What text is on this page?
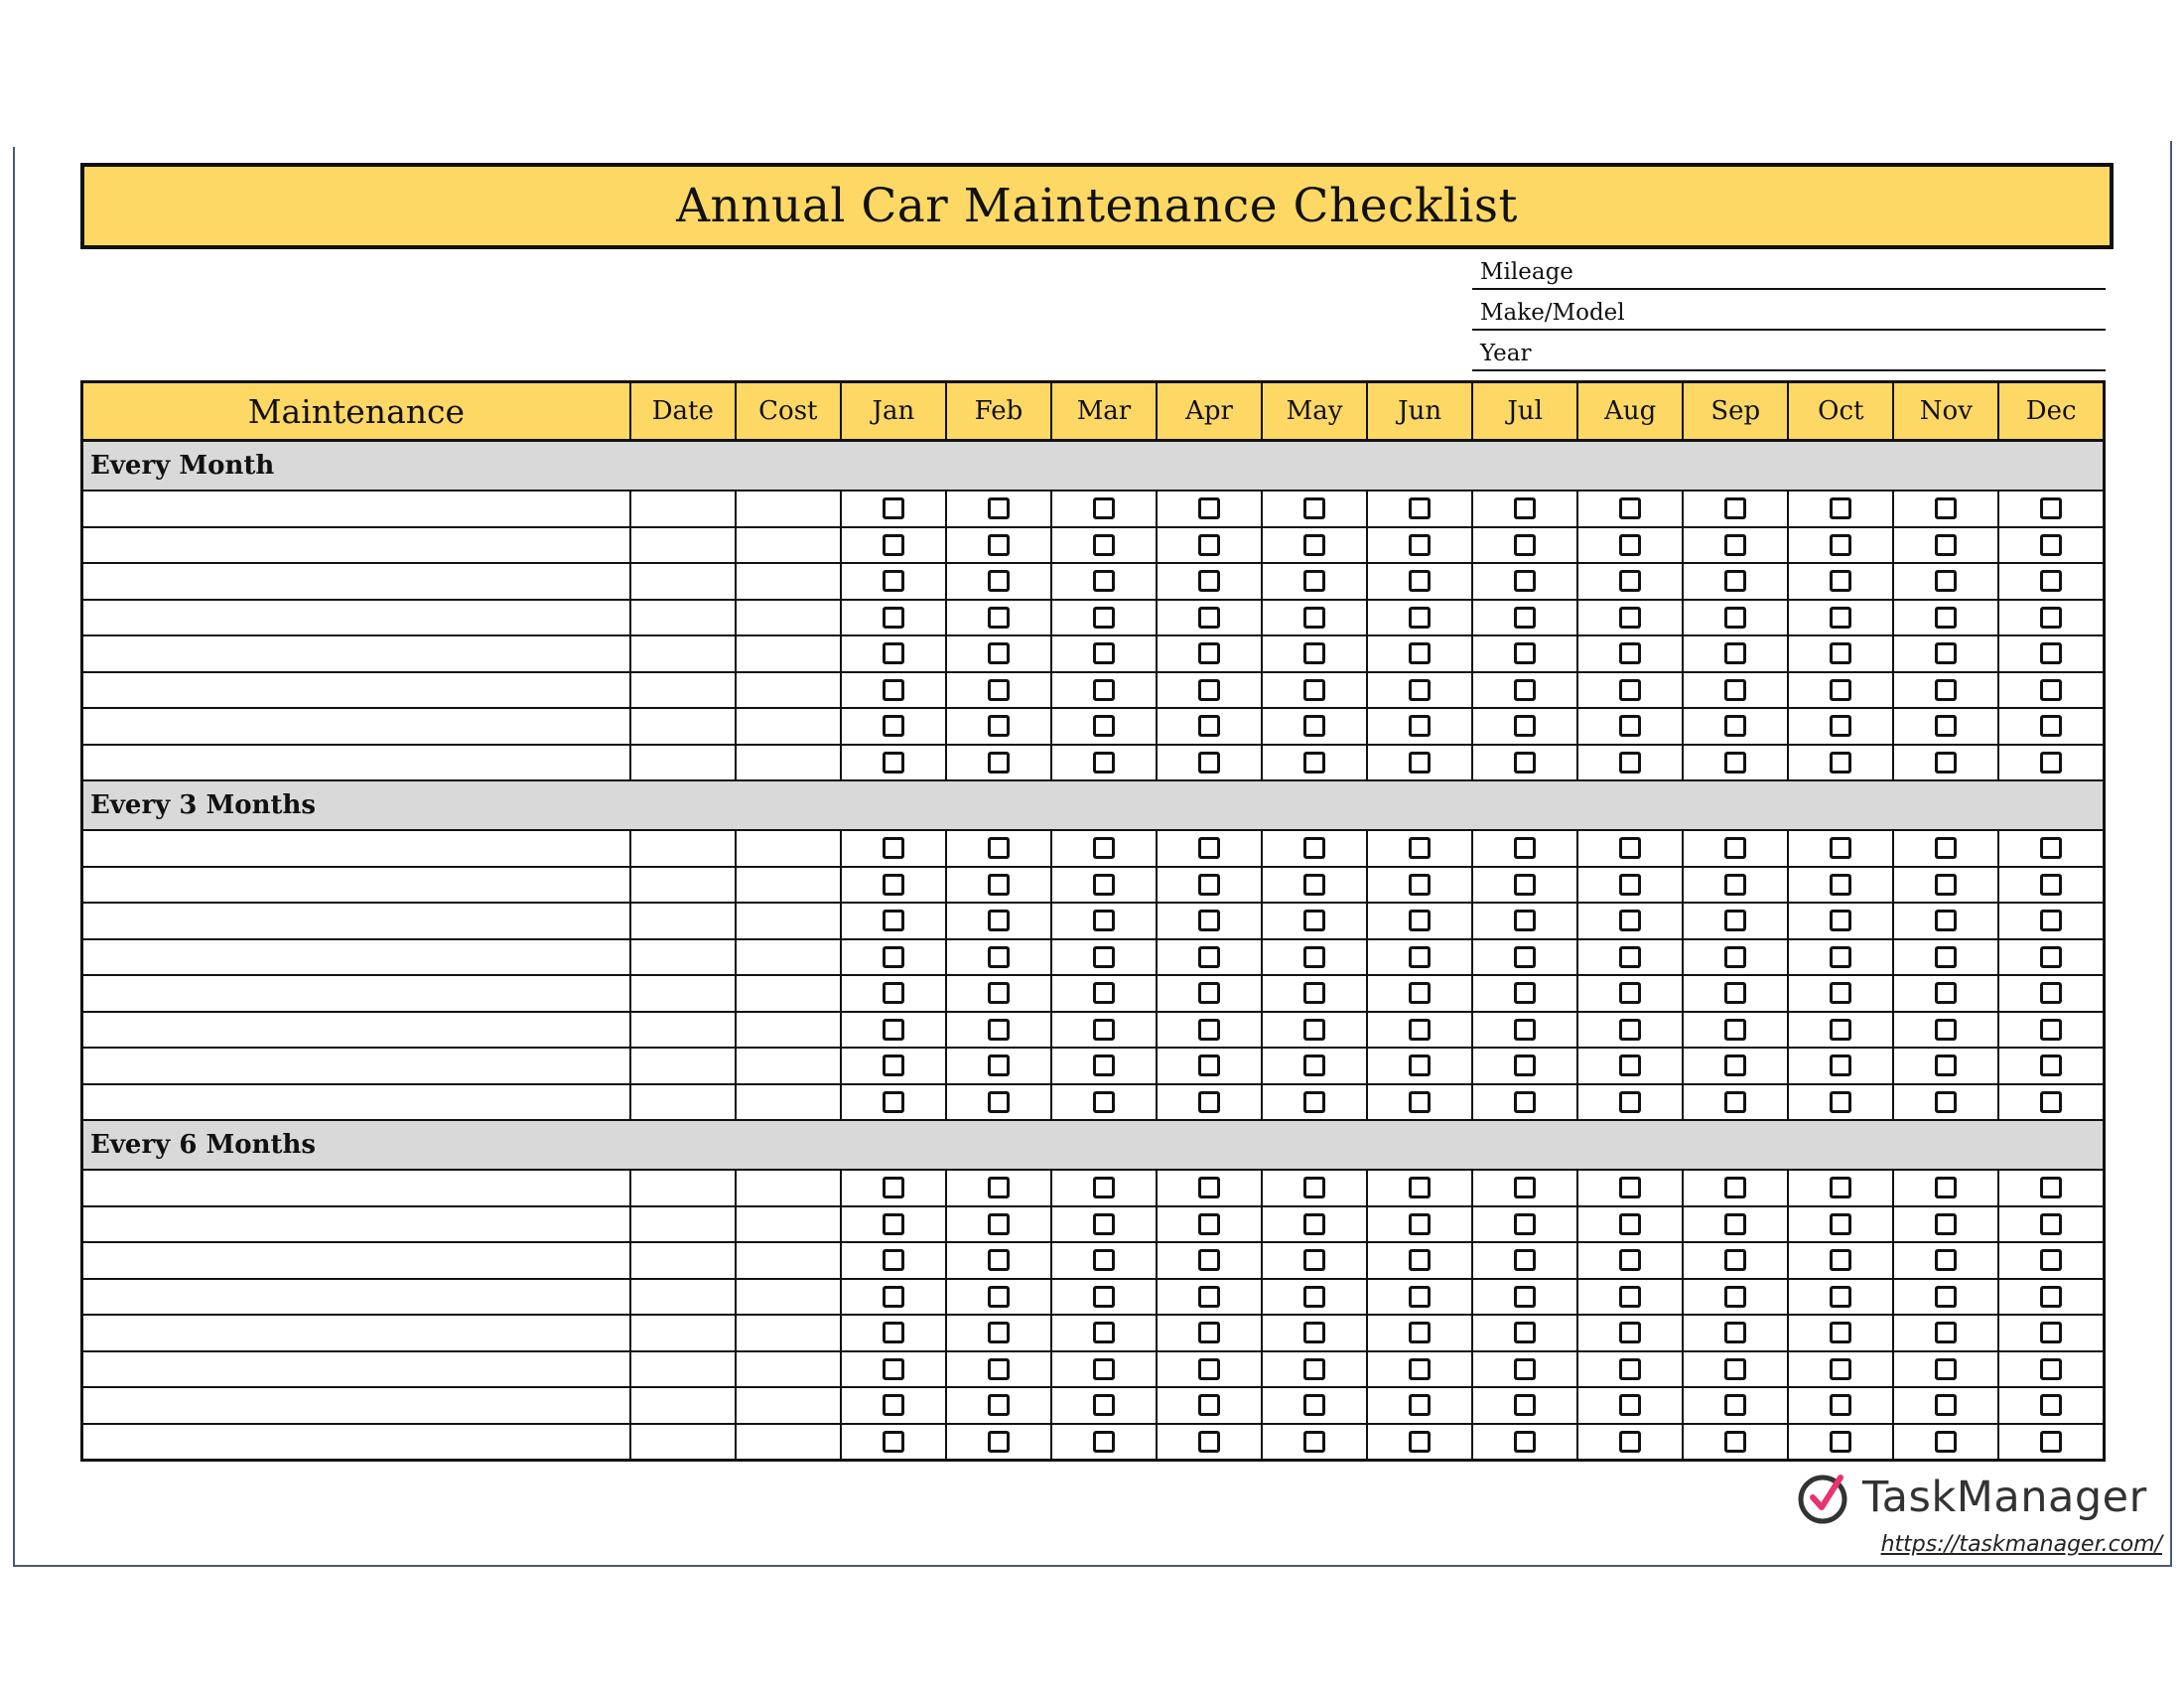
Annual Car Maintenance Checklist
Mileage
Make/Model
Year
Maintenance	Date	Cost	Jan	Feb	Mar	Apr	May	Jun	Jul	Aug	Sep	Oct	Nov	Dec
Every Month														

Every 3 Months														

Every 6 Months														

TaskManager
https://taskmanager.com/
